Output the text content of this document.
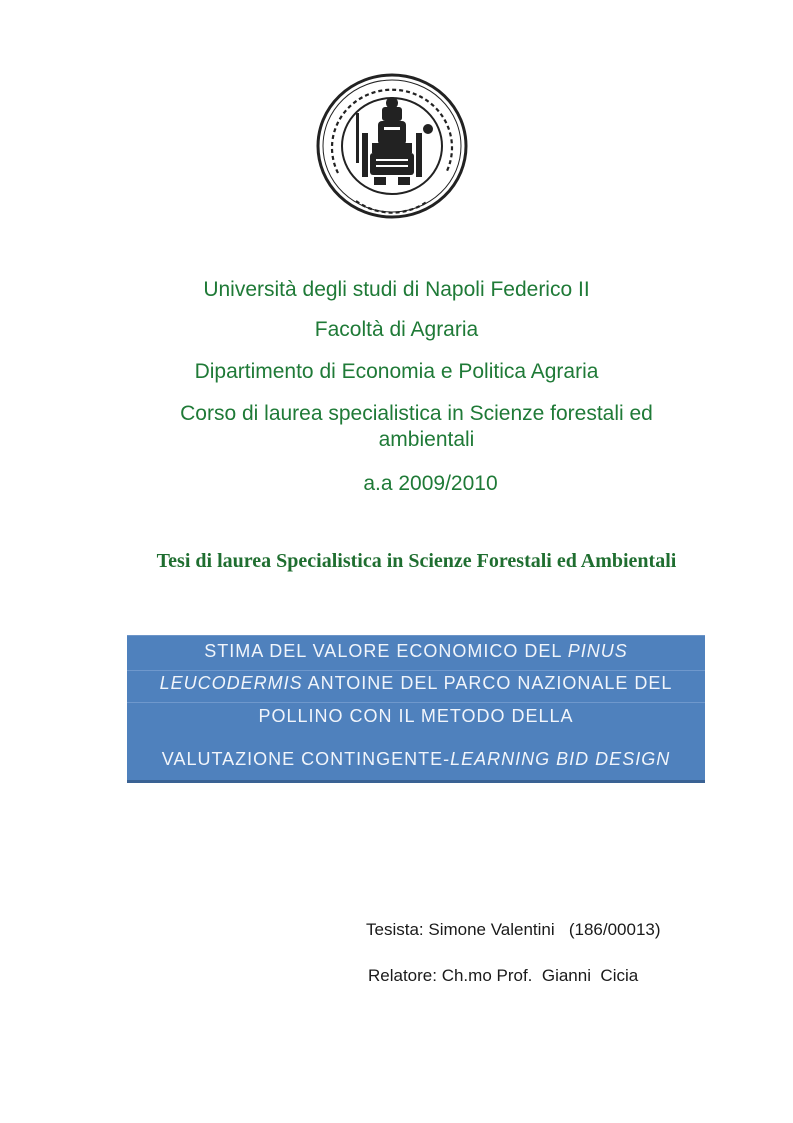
Università degli studi di Napoli Federico II
Facoltà di Agraria
Dipartimento di Economia e Politica Agraria
Corso di laurea specialistica in Scienze forestali ed
ambientali
a.a 2009/2010
Tesi di laurea Specialistica in Scienze Forestali ed Ambientali
STIMA DEL VALORE ECONOMICO DEL PINUS
LEUCODERMIS ANTOINE DEL PARCO NAZIONALE DEL
POLLINO CON IL METODO DELLA
VALUTAZIONE CONTINGENTE-LEARNING BID DESIGN
Tesista: Simone Valentini   (186/00013)
Relatore: Ch.mo Prof.  Gianni  Cicia
